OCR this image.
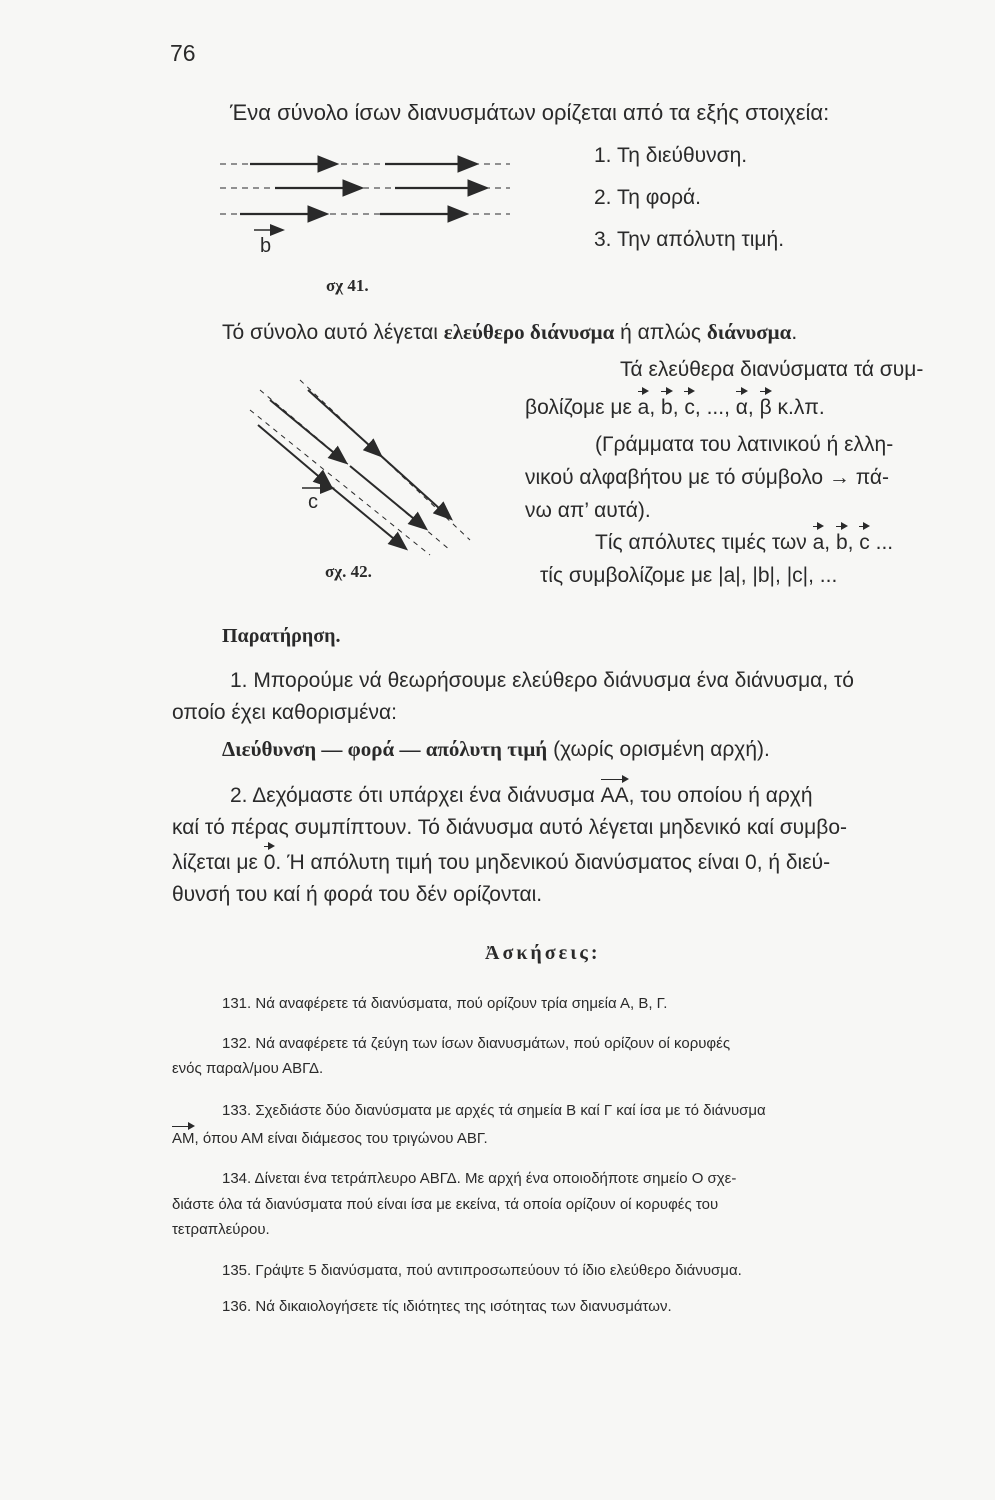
76
Ένα σύνολο ίσων διανυσμάτων ορίζεται από τα εξής στοιχεία:
b
σχ 41.
1. Τη διεύθυνση.
2. Τη φορά.
3. Την απόλυτη τιμή.
Τό σύνολο αυτό λέγεται ελεύθερο διάνυσμα ή απλώς διάνυσμα.
c
σχ. 42.
Τά ελεύθερα διανύσματα τά συμ-
βολίζομε με a, b, c, ..., α, β κ.λπ.
(Γράμματα του λατινικού ή ελλη-
νικού αλφαβήτου με τό σύμβολο → πά-
νω απ’ αυτά).
Τίς απόλυτες τιμές των a, b, c ...
τίς συμβολίζομε με |a|, |b|, |c|, ...
Παρατήρηση.
1. Μπορούμε νά θεωρήσουμε ελεύθερο διάνυσμα ένα διάνυσμα, τό
οποίο έχει καθορισμένα:
Διεύθυνση — φορά — απόλυτη τιμή (χωρίς ορισμένη αρχή).
2. Δεχόμαστε ότι υπάρχει ένα διάνυσμα ΑΑ, του οποίου ή αρχή
καί τό πέρας συμπίπτουν. Τό διάνυσμα αυτό λέγεται μηδενικό καί συμβο-
λίζεται με 0. Ή απόλυτη τιμή του μηδενικού διανύσματος είναι 0, ή διεύ-
θυνσή του καί ή φορά του δέν ορίζονται.
Ἀσκήσεις:
131. Νά αναφέρετε τά διανύσματα, πού ορίζουν τρία σημεία Α, Β, Γ.
132. Νά αναφέρετε τά ζεύγη των ίσων διανυσμάτων, πού ορίζουν οί κορυφές
ενός παραλ/μου ΑΒΓΔ.
133. Σχεδιάστε δύο διανύσματα με αρχές τά σημεία Β καί Γ καί ίσα με τό διάνυσμα
ΑΜ, όπου ΑΜ είναι διάμεσος του τριγώνου ΑΒΓ.
134. Δίνεται ένα τετράπλευρο ΑΒΓΔ. Με αρχή ένα οποιοδήποτε σημείο Ο σχε-
διάστε όλα τά διανύσματα πού είναι ίσα με εκείνα, τά οποία ορίζουν οί κορυφές του
τετραπλεύρου.
135. Γράψτε 5 διανύσματα, πού αντιπροσωπεύουν τό ίδιο ελεύθερο διάνυσμα.
136. Νά δικαιολογήσετε τίς ιδιότητες της ισότητας των διανυσμάτων.
